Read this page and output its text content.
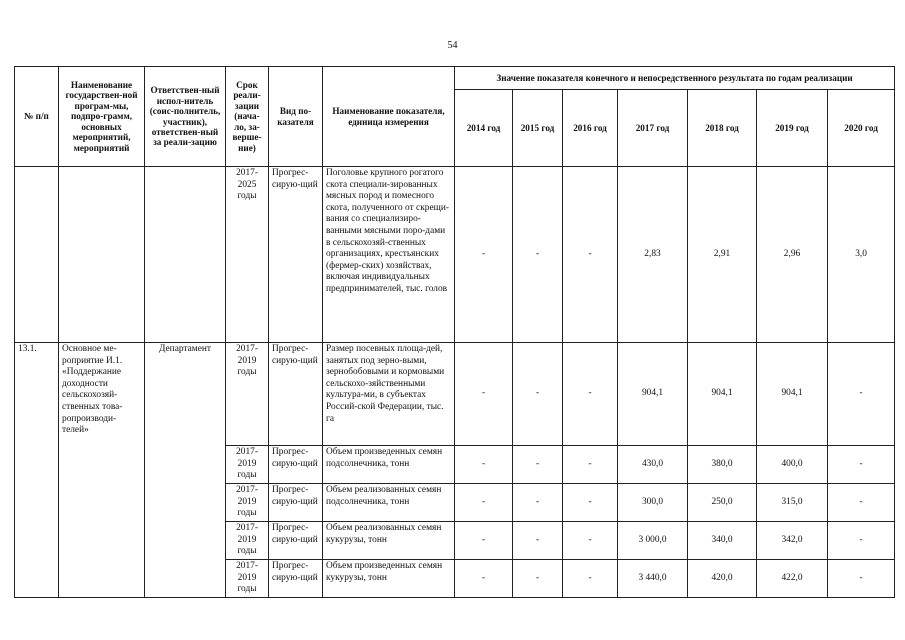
54
№ п/п	Наименование государствен-ной програм-мы, подпро-грамм, основных мероприятий, мероприятий	Ответствен-ный испол-нитель (соис-полнитель, участник), ответствен-ный за реали-зацию	Срок реали-зации (нача-ло, за-верше-ние)	Вид по-казателя	Наименование показателя, единица измерения	Значение показателя конечного и непосредственного результата по годам реализации						
						2014 год	2015 год	2016 год	2017 год	2018 год	2019 год	2020 год
			2017-2025 годы	Прогрес-сирую-щий	Поголовье крупного рогатого скота специали-зированных мясных пород и помесного скота, полученного от скрещи-вания со специализиро-ванными мясными поро-дами в сельскохозяй-ственных организациях, крестьянских (фермер-ских) хозяйствах, включая индивидуальных предпринимателей, тыс. голов	-	-	-	2,83	2,91	2,96	3,0
13.1.	Основное ме-роприятие И.1. «Поддержание доходности сельскохозяй-ственных това-ропроизводи-телей»	Департамент	2017-2019 годы	Прогрес-сирую-щий	Размер посевных площа-дей, занятых под зерно-выми, зернобобовыми и кормовыми сельскохо-зяйственными культура-ми, в субъектах Россий-ской Федерации, тыс. га	-	-	-	904,1	904,1	904,1	-
			2017-2019 годы	Прогрес-сирую-щий	Объем произведенных семян подсолнечника, тонн	-	-	-	430,0	380,0	400,0	-
			2017-2019 годы	Прогрес-сирую-щий	Объем реализованных семян подсолнечника, тонн	-	-	-	300,0	250,0	315,0	-
			2017-2019 годы	Прогрес-сирую-щий	Объем реализованных семян кукурузы, тонн	-	-	-	3 000,0	340,0	342,0	-
			2017-2019 годы	Прогрес-сирую-щий	Объем произведенных семян кукурузы, тонн	-	-	-	3 440,0	420,0	422,0	-
